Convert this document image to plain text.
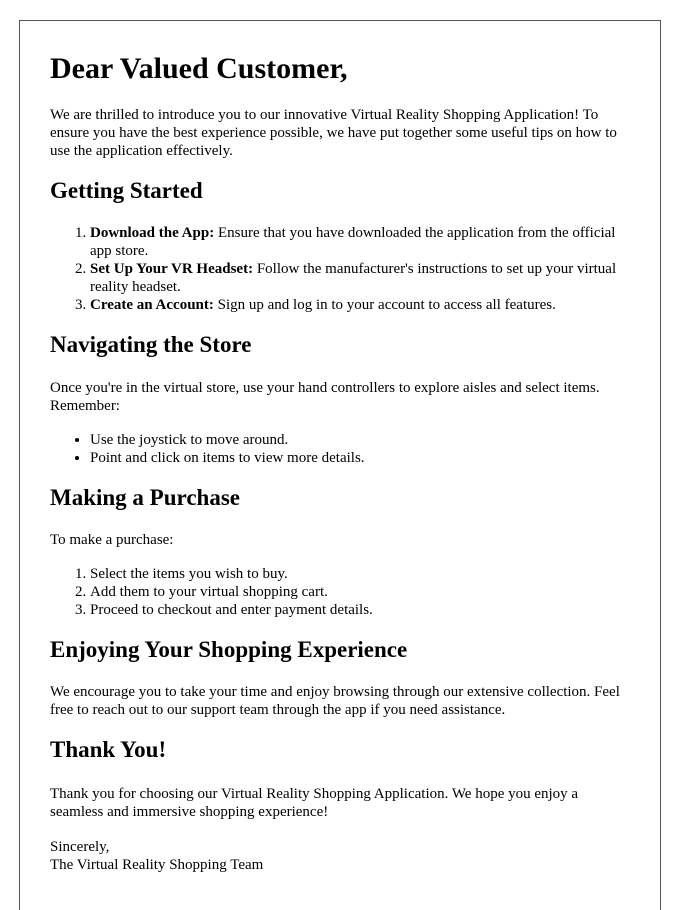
Dear Valued Customer,

We are thrilled to introduce you to our innovative Virtual Reality Shopping Application! To ensure you have the best experience possible, we have put together some useful tips on how to use the application effectively.

Getting Started
1. Download the App: Ensure that you have downloaded the application from the official app store.
2. Set Up Your VR Headset: Follow the manufacturer's instructions to set up your virtual reality headset.
3. Create an Account: Sign up and log in to your account to access all features.
Navigating the Store

Once you're in the virtual store, use your hand controllers to explore aisles and select items. Remember:

• Use the joystick to move around.
• Point and click on items to view more details.
Making a Purchase

To make a purchase:

1. Select the items you wish to buy.
2. Add them to your virtual shopping cart.
3. Proceed to checkout and enter payment details.
Enjoying Your Shopping Experience

We encourage you to take your time and enjoy browsing through our extensive collection. Feel free to reach out to our support team through the app if you need assistance.

Thank You!

Thank you for choosing our Virtual Reality Shopping Application. We hope you enjoy a seamless and immersive shopping experience!

Sincerely,
The Virtual Reality Shopping Team
